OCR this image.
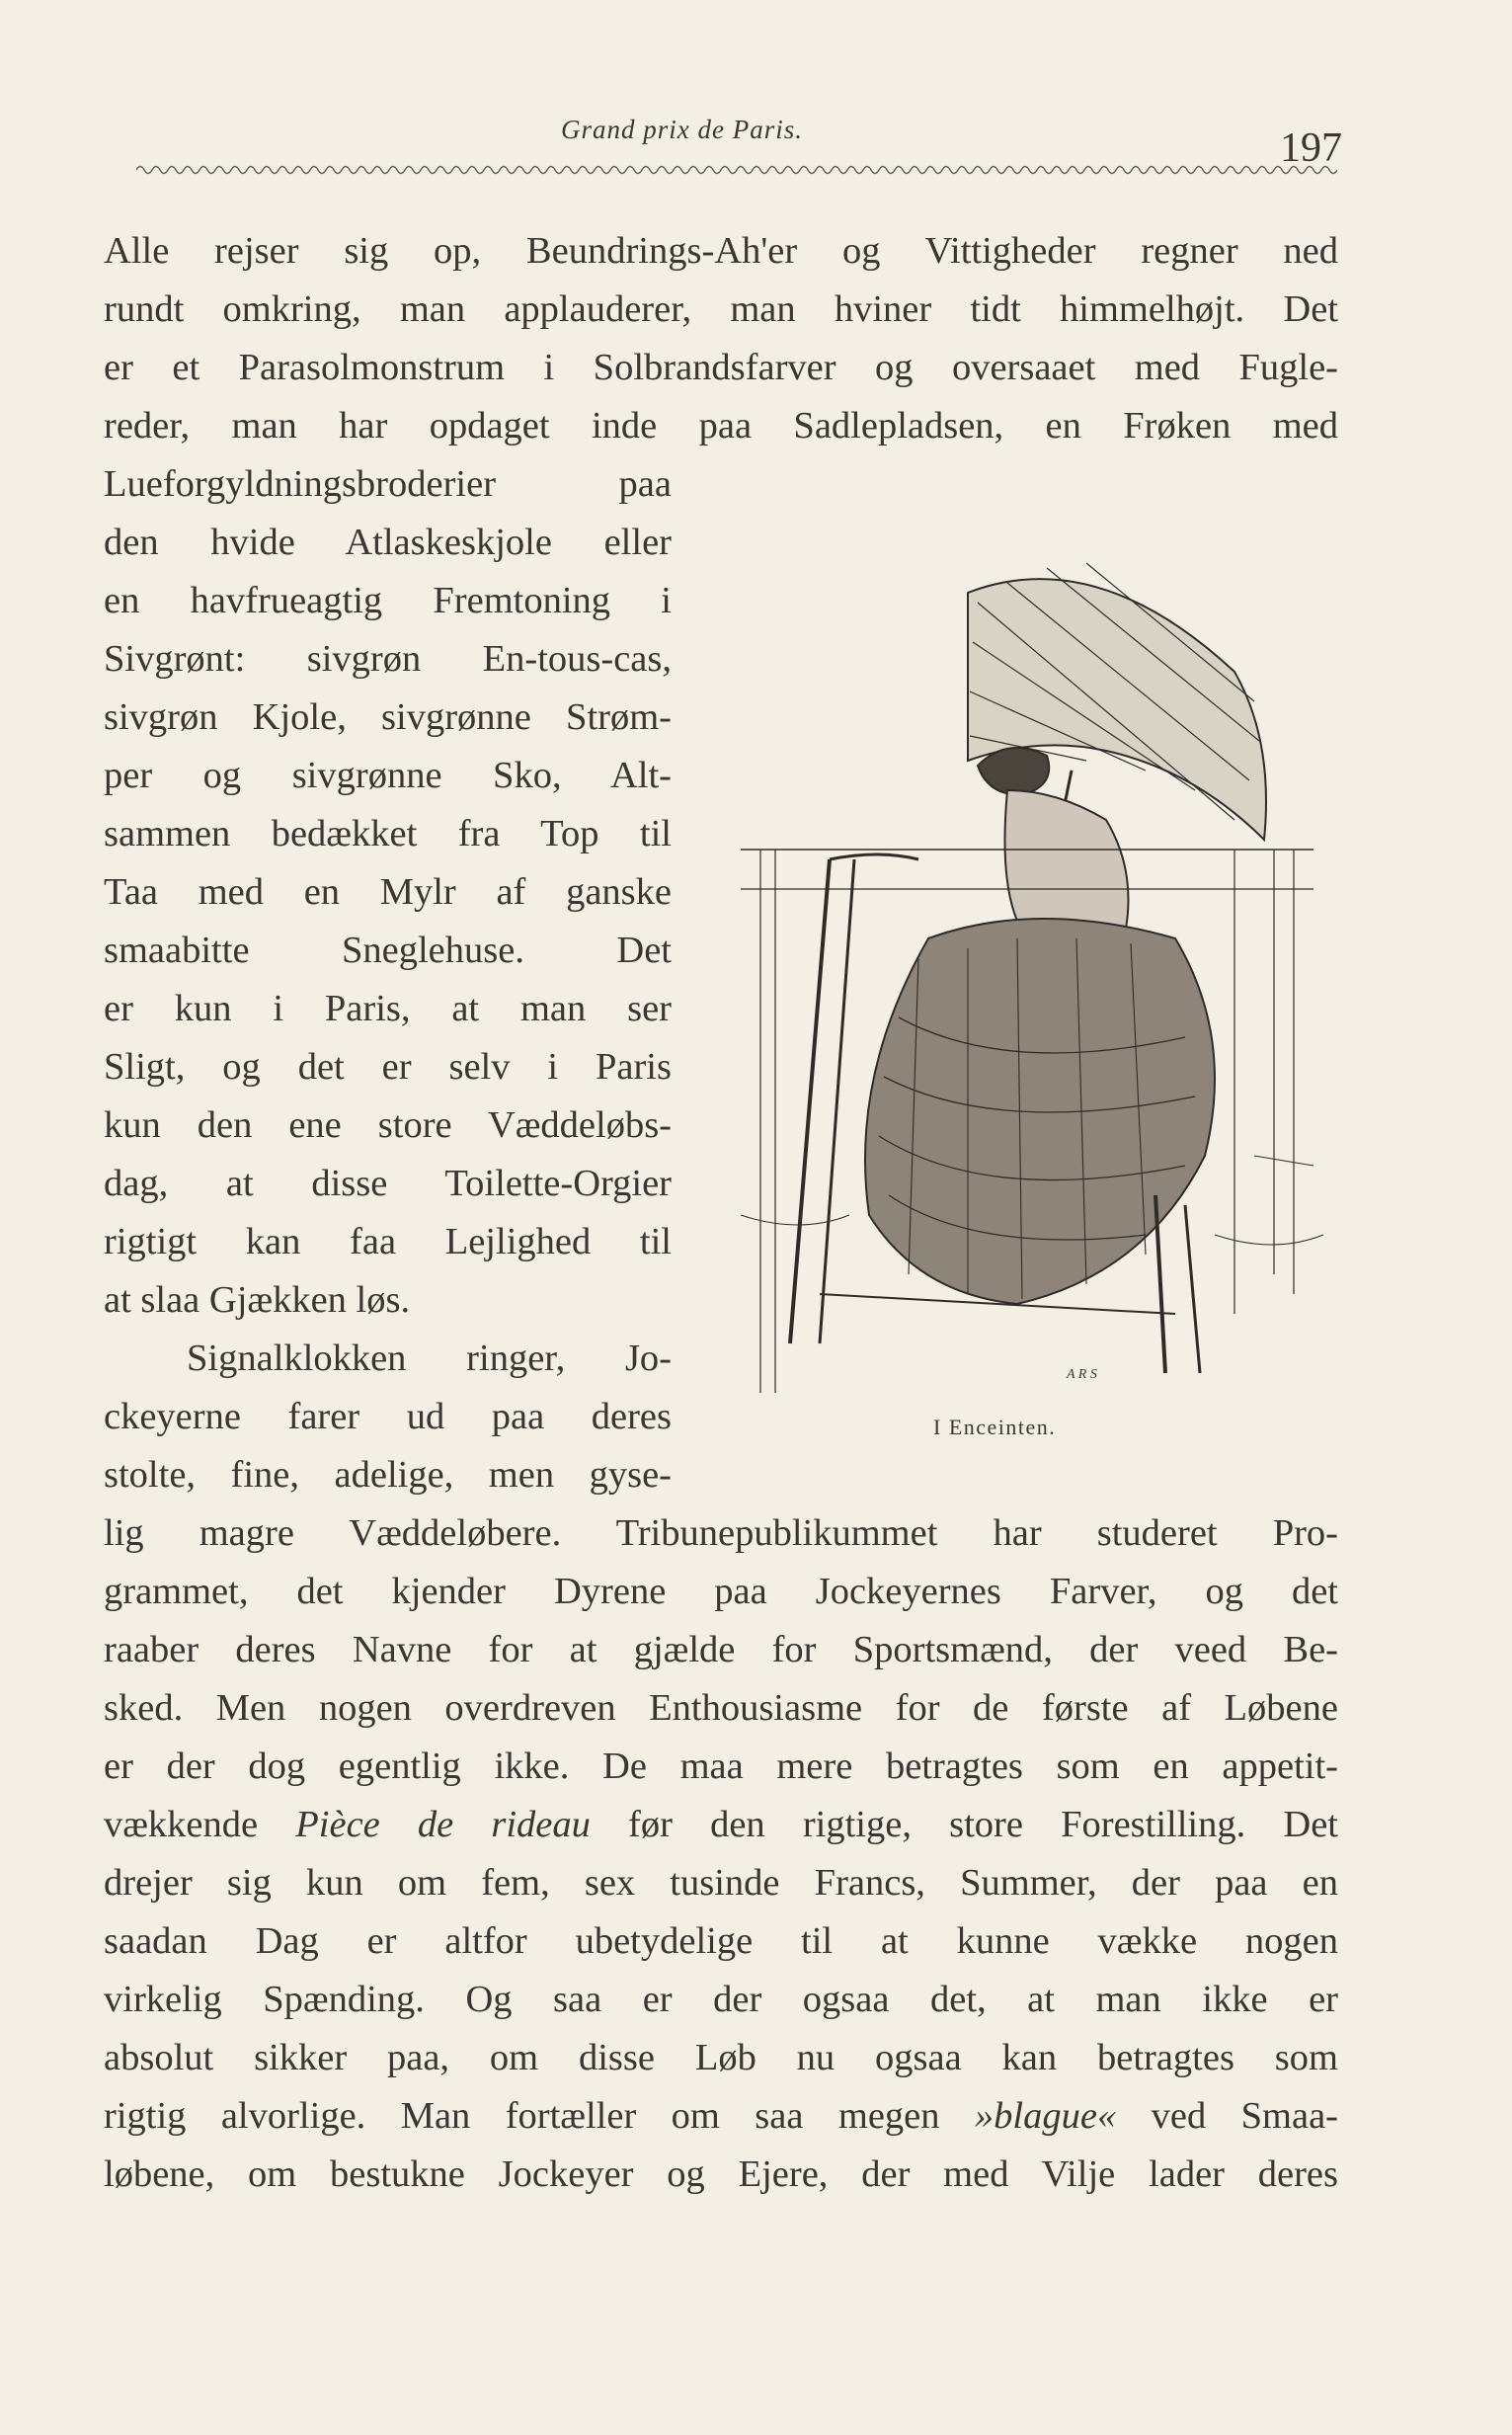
Grand prix de Paris.	197
Alle rejser sig op, Beundrings-Ah'er og Vittigheder regner ned
rundt omkring, man applauderer, man hviner tidt himmelhøjt. Det
er et Parasolmonstrum i Solbrandsfarver og oversaaet med Fugle-
reder, man har opdaget inde paa Sadlepladsen, en Frøken med
Lueforgyldningsbroderier paa
den hvide Atlaskeskjole eller
en havfrueagtig Fremtoning i
Sivgrønt: sivgrøn En-tous-cas,
sivgrøn Kjole, sivgrønne Strøm-
per og sivgrønne Sko, Alt-
sammen bedækket fra Top til
Taa med en Mylr af ganske
smaabitte Sneglehuse. Det
er kun i Paris, at man ser
Sligt, og det er selv i Paris
kun den ene store Væddeløbs-
dag, at disse Toilette-Orgier
rigtigt kan faa Lejlighed til
at slaa Gjækken løs.
Signalklokken ringer, Jo-
ckeyerne farer ud paa deres
stolte, fine, adelige, men gyse-
lig magre Væddeløbere. Tribunepublikummet har studeret Pro-
grammet, det kjender Dyrene paa Jockeyernes Farver, og det
raaber deres Navne for at gjælde for Sportsmænd, der veed Be-
sked. Men nogen overdreven Enthousiasme for de første af Løbene
er der dog egentlig ikke. De maa mere betragtes som en appetit-
vækkende Pièce de rideau før den rigtige, store Forestilling. Det
drejer sig kun om fem, sex tusinde Francs, Summer, der paa en
saadan Dag er altfor ubetydelige til at kunne vække nogen
virkelig Spænding. Og saa er der ogsaa det, at man ikke er
absolut sikker paa, om disse Løb nu ogsaa kan betragtes som
rigtig alvorlige. Man fortæller om saa megen »blague« ved Smaa-
løbene, om bestukne Jockeyer og Ejere, der med Vilje lader deres
A R S
I Enceinten.
